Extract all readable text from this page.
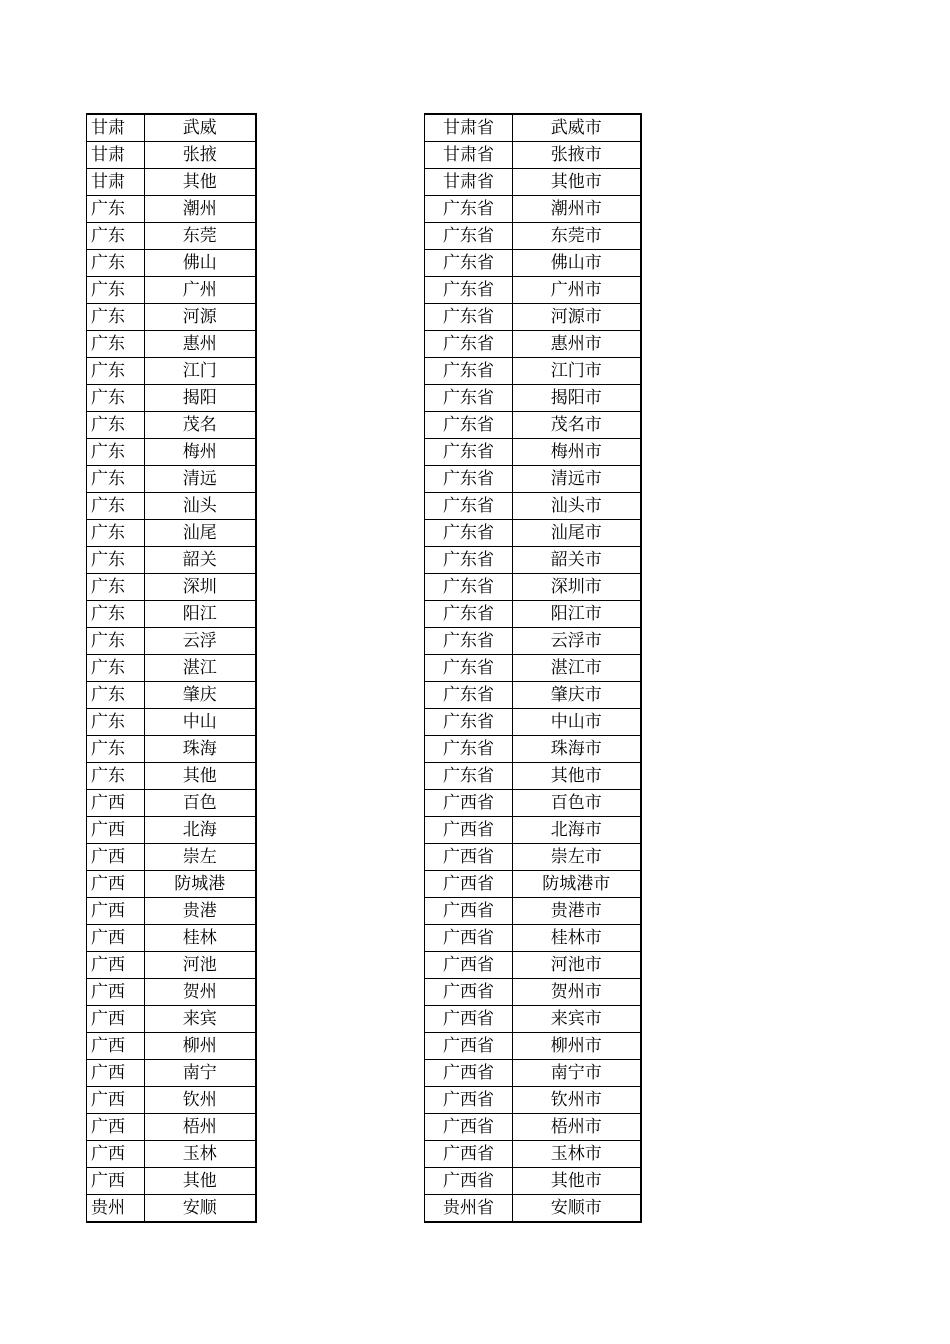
甘肃	武威
甘肃	张掖
甘肃	其他
广东	潮州
广东	东莞
广东	佛山
广东	广州
广东	河源
广东	惠州
广东	江门
广东	揭阳
广东	茂名
广东	梅州
广东	清远
广东	汕头
广东	汕尾
广东	韶关
广东	深圳
广东	阳江
广东	云浮
广东	湛江
广东	肇庆
广东	中山
广东	珠海
广东	其他
广西	百色
广西	北海
广西	崇左
广西	防城港
广西	贵港
广西	桂林
广西	河池
广西	贺州
广西	来宾
广西	柳州
广西	南宁
广西	钦州
广西	梧州
广西	玉林
广西	其他
贵州	安顺
甘肃省	武威市
甘肃省	张掖市
甘肃省	其他市
广东省	潮州市
广东省	东莞市
广东省	佛山市
广东省	广州市
广东省	河源市
广东省	惠州市
广东省	江门市
广东省	揭阳市
广东省	茂名市
广东省	梅州市
广东省	清远市
广东省	汕头市
广东省	汕尾市
广东省	韶关市
广东省	深圳市
广东省	阳江市
广东省	云浮市
广东省	湛江市
广东省	肇庆市
广东省	中山市
广东省	珠海市
广东省	其他市
广西省	百色市
广西省	北海市
广西省	崇左市
广西省	防城港市
广西省	贵港市
广西省	桂林市
广西省	河池市
广西省	贺州市
广西省	来宾市
广西省	柳州市
广西省	南宁市
广西省	钦州市
广西省	梧州市
广西省	玉林市
广西省	其他市
贵州省	安顺市
